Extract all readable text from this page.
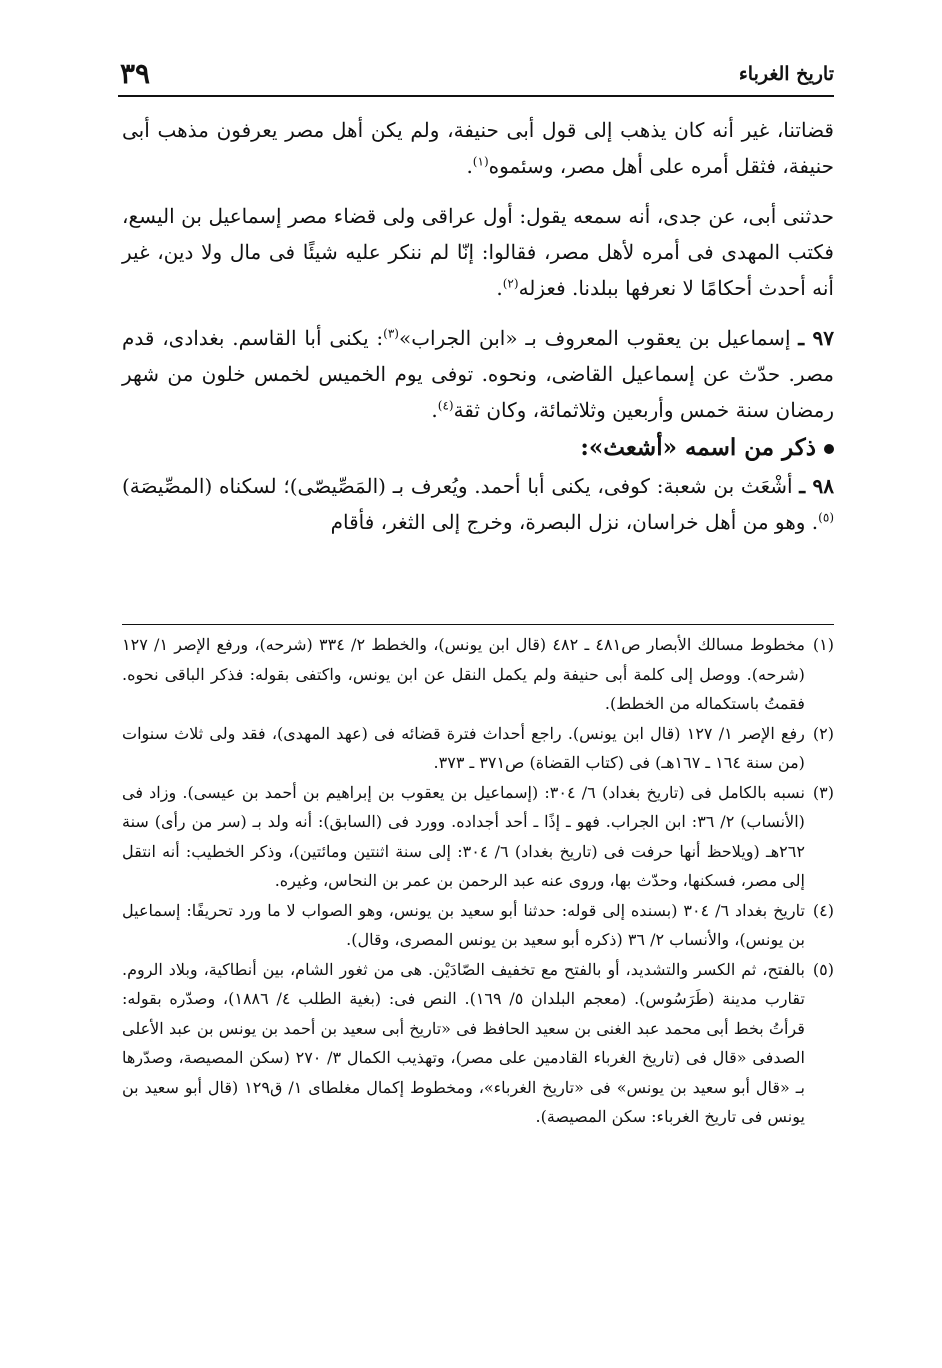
تاريخ الغرباء
٣٩

قضاتنا، غير أنه كان يذهب إلى قول أبى حنيفة، ولم يكن أهل مصر يعرفون مذهب أبى حنيفة، فثقل أمره على أهل مصر، وسئموه$^{(١)}$.

حدثنى أبى، عن جدى، أنه سمعه يقول: أول عراقى ولى قضاء مصر إسماعيل بن اليسع، فكتب المهدى فى أمره لأهل مصر، فقالوا: إنّا لم ننكر عليه شيئًا فى مال ولا دين، غير أنه أحدث أحكامًا لا نعرفها ببلدنا. فعزله$^{(٢)}$.

٩٧ ـ إسماعيل بن يعقوب المعروف بـ «ابن الجراب»$^{(٣)}$: يكنى أبا القاسم. بغدادى، قدم مصر. حدّث عن إسماعيل القاضى، ونحوه. توفى يوم الخميس لخمس خلون من شهر رمضان سنة خمس وأربعين وثلاثمائة، وكان ثقة$^{(٤)}$.

ذكر من اسمه «أشعث»:

٩٨ ـ أشْعَث بن شعبة: كوفى، يكنى أبا أحمد. ويُعرف بـ (المَصِّيصّى)؛ لسكناه (المصِّيصَة)$^{(٥)}$. وهو من أهل خراسان، نزل البصرة، وخرج إلى الثغر، فأقام

(١)
مخطوط مسالك الأبصار ص٤٨١ ـ ٤٨٢ (قال ابن يونس)، والخطط ٢/ ٣٣٤ (شرحه)، ورفع الإصر ١/ ١٢٧ (شرحه). ووصل إلى كلمة أبى حنيفة ولم يكمل النقل عن ابن يونس، واكتفى بقوله: فذكر الباقى نحوه. فقمتُ باستكماله من الخطط).
(٢)
رفع الإصر ١/ ١٢٧ (قال ابن يونس). راجع أحداث فترة قضائه فى (عهد المهدى)، فقد ولى ثلاث سنوات (من سنة ١٦٤ ـ ١٦٧هـ) فى (كتاب القضاة) ص٣٧١ ـ ٣٧٣.
(٣)
نسبه بالكامل فى (تاريخ بغداد) ٦/ ٣٠٤: (إسماعيل بن يعقوب بن إبراهيم بن أحمد بن عيسى). وزاد فى (الأنساب) ٢/ ٣٦: ابن الجراب. فهو ـ إذًا ـ أحد أجداده. وورد فى (السابق): أنه ولد بـ (سر من رأى) سنة ٢٦٢هـ (ويلاحظ أنها حرفت فى (تاريخ بغداد) ٦/ ٣٠٤: إلى سنة اثنتين ومائتين)، وذكر الخطيب: أنه انتقل إلى مصر، فسكنها، وحدّث بها، وروى عنه عبد الرحمن بن عمر بن النحاس، وغيره.
(٤)
تاريخ بغداد ٦/ ٣٠٤ (بسنده إلى قوله: حدثنا أبو سعيد بن يونس، وهو الصواب لا ما ورد تحريفًا: إسماعيل بن يونس)، والأنساب ٢/ ٣٦ (ذكره أبو سعيد بن يونس المصرى، وقال).
(٥)
بالفتح، ثم الكسر والتشديد، أو بالفتح مع تخفيف الصّادَيْن. هى من ثغور الشام، بين أنطاكية، وبلاد الروم. تقارب مدينة (طَرَسُوس). (معجم البلدان ٥/ ١٦٩). النص فى: (بغية الطلب ٤/ ١٨٨٦)، وصدّره بقوله: قرأتُ بخط أبى محمد عبد الغنى بن سعيد الحافظ فى «تاريخ أبى سعيد بن أحمد بن يونس بن عبد الأعلى الصدفى «قال فى (تاريخ الغرباء القادمين على مصر)، وتهذيب الكمال ٣/ ٢٧٠ (سكن المصيصة، وصدّرها بـ «قال أبو سعيد بن يونس» فى «تاريخ الغرباء»، ومخطوط إكمال مغلطاى ١/ ق١٢٩ (قال أبو سعيد بن يونس فى تاريخ الغرباء: سكن المصيصة).
